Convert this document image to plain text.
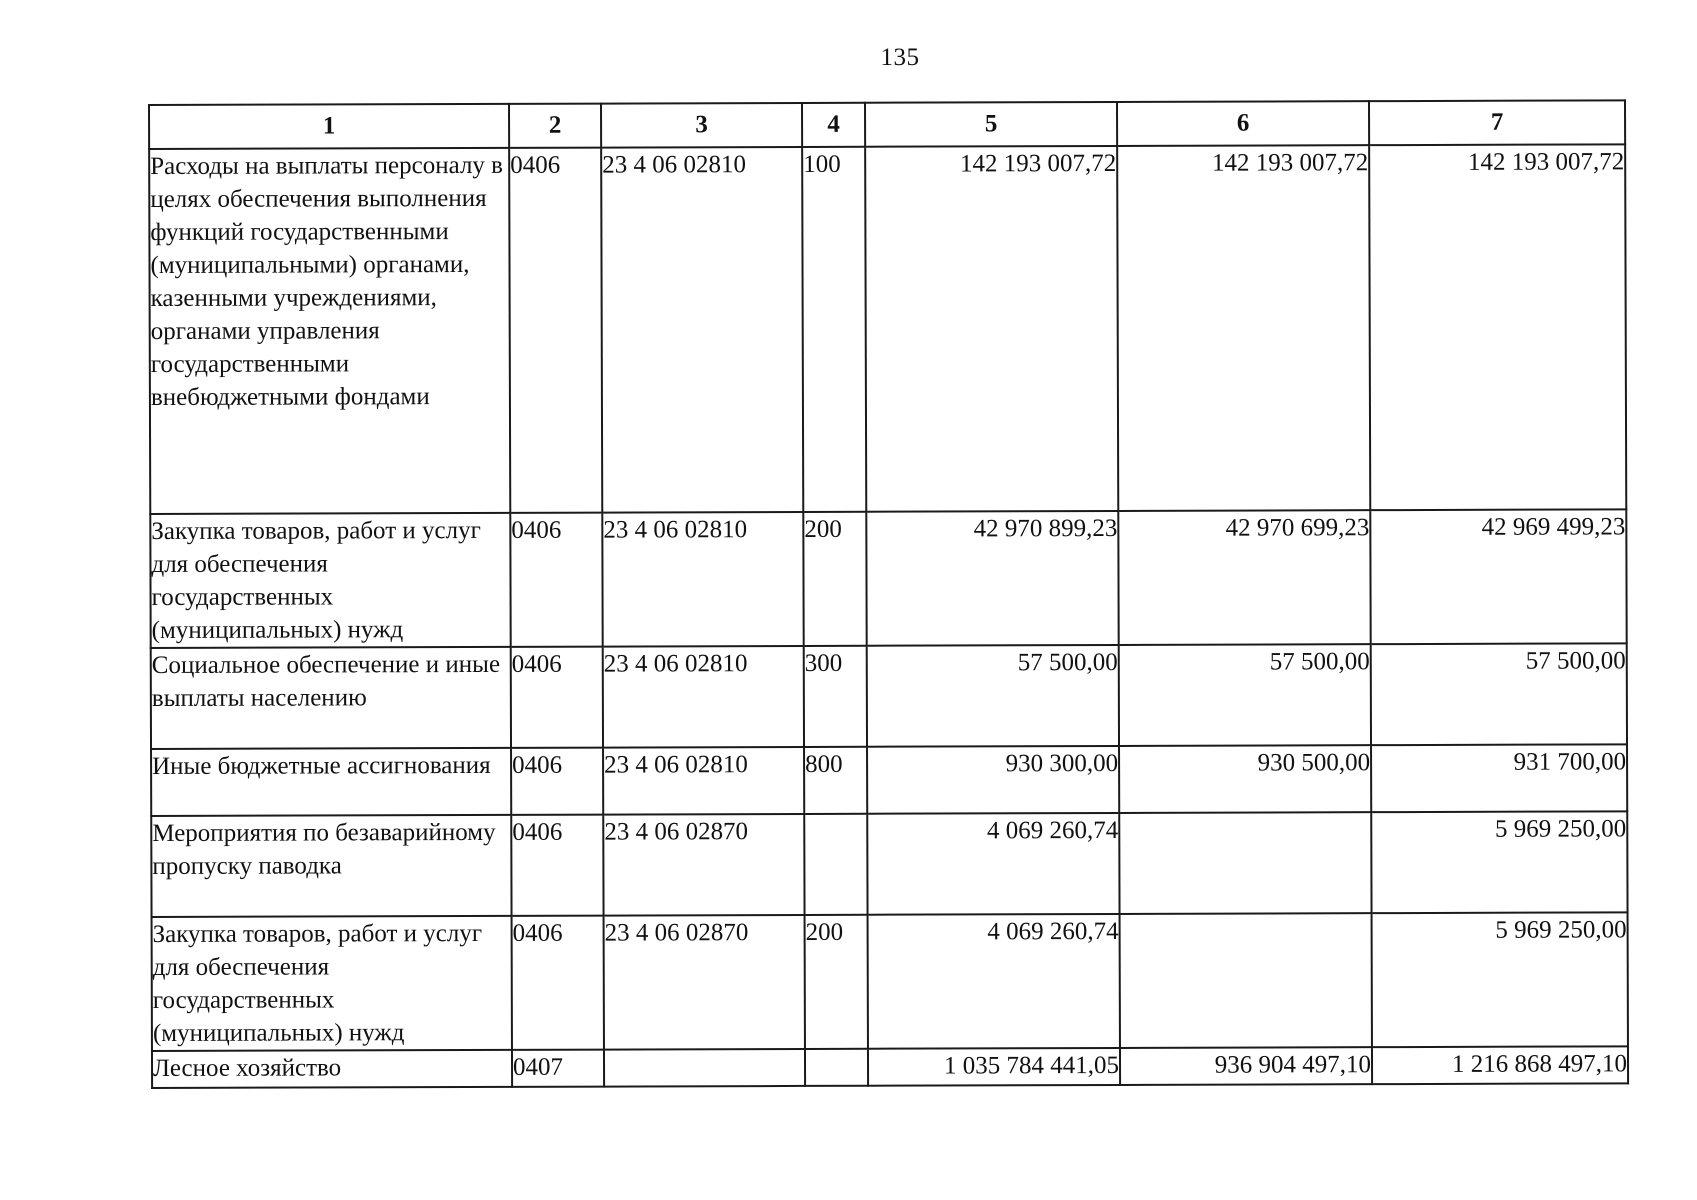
135
1	2	3	4	5	6	7
Расходы на выплаты персоналу в целях обеспечения выполнения функций государственными (муниципальными) органами, казенными учреждениями, органами управления государственными внебюджетными фондами	0406	23 4 06 02810	100	142 193 007,72	142 193 007,72	142 193 007,72
Закупка товаров, работ и услуг для обеспечения государственных (муниципальных) нужд	0406	23 4 06 02810	200	42 970 899,23	42 970 699,23	42 969 499,23
Социальное обеспечение и иные выплаты населению	0406	23 4 06 02810	300	57 500,00	57 500,00	57 500,00
Иные бюджетные ассигнования	0406	23 4 06 02810	800	930 300,00	930 500,00	931 700,00
Мероприятия по безаварийному пропуску паводка	0406	23 4 06 02870		4 069 260,74		5 969 250,00
Закупка товаров, работ и услуг для обеспечения государственных (муниципальных) нужд	0406	23 4 06 02870	200	4 069 260,74		5 969 250,00
Лесное хозяйство	0407			1 035 784 441,05	936 904 497,10	1 216 868 497,10
